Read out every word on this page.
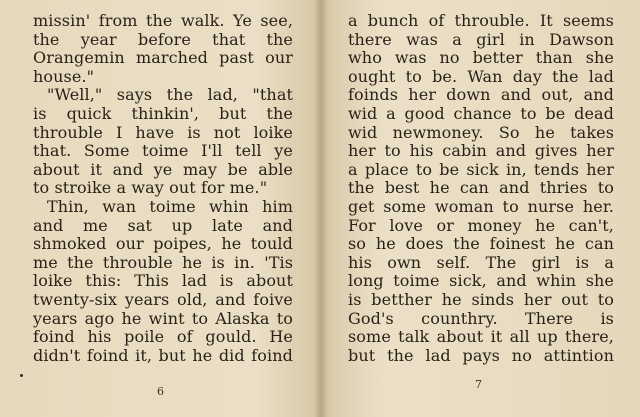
missin' from the walk. Ye see,
the year before that the
Orangemin marched past our
house."
"Well," says the lad, "that
is quick thinkin', but the
throuble I have is not loike
that. Some toime I'll tell ye
about it and ye may be able
to stroike a way out for me."
Thin, wan toime whin him
and me sat up late and
shmoked our poipes, he tould
me the throuble he is in. 'Tis
loike this: This lad is about
twenty-six years old, and foive
years ago he wint to Alaska to
foind his poile of gould. He
didn't foind it, but he did foind
a bunch of throuble. It seems
there was a girl in Dawson
who was no better than she
ought to be. Wan day the lad
foinds her down and out, and
wid a good chance to be dead
wid newmoney. So he takes
her to his cabin and gives her
a place to be sick in, tends her
the best he can and thries to
get some woman to nurse her.
For love or money he can't,
so he does the foinest he can
his own self. The girl is a
long toime sick, and whin she
is betther he sinds her out to
God's counthry. There is
some talk about it all up there,
but the lad pays no attintion
6
7
